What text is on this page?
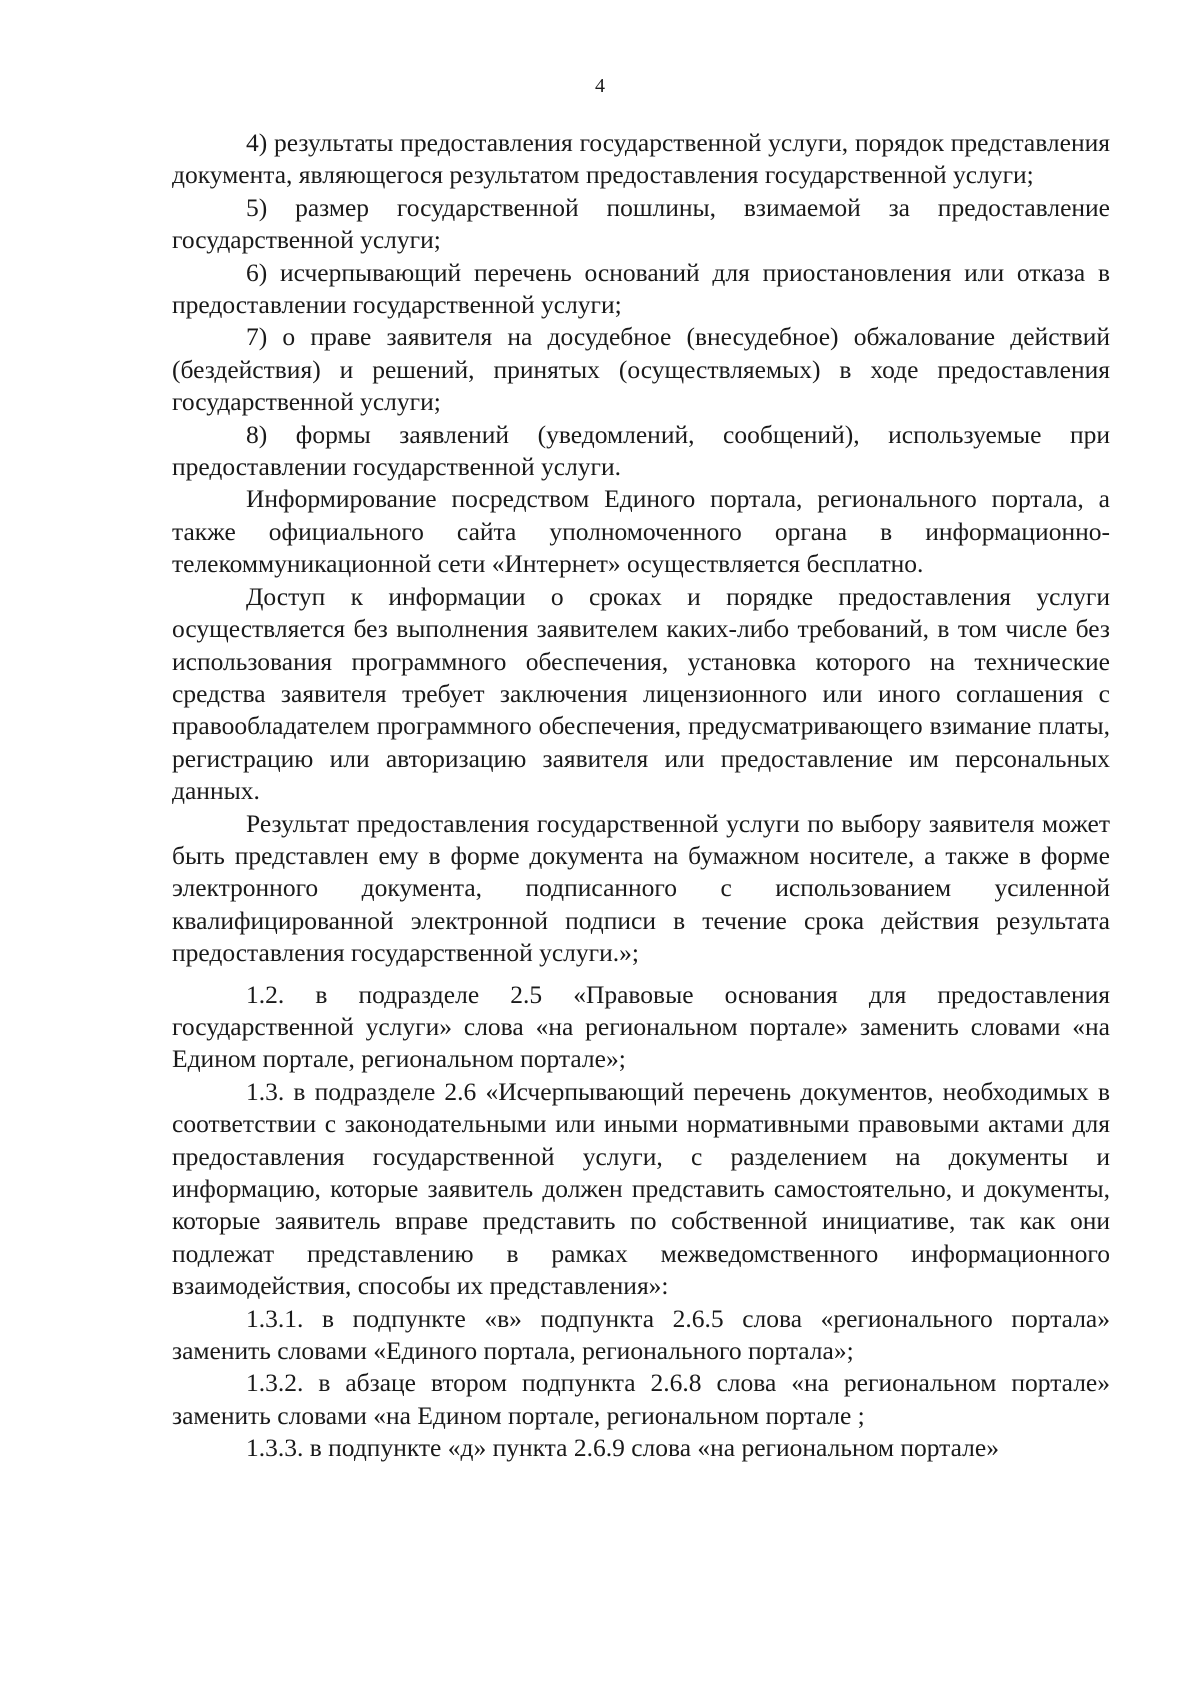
4

4) результаты предоставления государственной услуги, порядок представления документа, являющегося результатом предоставления государственной услуги;

5) размер государственной пошлины, взимаемой за предоставление государственной услуги;

6) исчерпывающий перечень оснований для приостановления или отказа в предоставлении государственной услуги;

7) о праве заявителя на досудебное (внесудебное) обжалование действий (бездействия) и решений, принятых (осуществляемых) в ходе предоставления государственной услуги;

8) формы заявлений (уведомлений, сообщений), используемые при предоставлении государственной услуги.

Информирование посредством Единого портала, регионального портала, а также официального сайта уполномоченного органа в информационно-телекоммуникационной сети «Интернет» осуществляется бесплатно.

Доступ к информации о сроках и порядке предоставления услуги осуществляется без выполнения заявителем каких-либо требований, в том числе без использования программного обеспечения, установка которого на технические средства заявителя требует заключения лицензионного или иного соглашения с правообладателем программного обеспечения, предусматривающего взимание платы, регистрацию или авторизацию заявителя или предоставление им персональных данных.

Результат предоставления государственной услуги по выбору заявителя может быть представлен ему в форме документа на бумажном носителе, а также в форме электронного документа, подписанного с использованием усиленной квалифицированной электронной подписи в течение срока действия результата предоставления государственной услуги.»;

1.2. в подразделе 2.5 «Правовые основания для предоставления государственной услуги» слова «на региональном портале» заменить словами «на Едином портале, региональном портале»;

1.3. в подразделе 2.6 «Исчерпывающий перечень документов, необходимых в соответствии с законодательными или иными нормативными правовыми актами для предоставления государственной услуги, с разделением на документы и информацию, которые заявитель должен представить самостоятельно, и документы, которые заявитель вправе представить по собственной инициативе, так как они подлежат представлению в рамках межведомственного информационного взаимодействия, способы их представления»:

1.3.1. в подпункте «в» подпункта 2.6.5 слова «регионального портала» заменить словами «Единого портала, регионального портала»;

1.3.2. в абзаце втором подпункта 2.6.8 слова «на региональном портале» заменить словами «на Едином портале, региональном портале ;

1.3.3. в подпункте «д» пункта 2.6.9 слова «на региональном портале»
